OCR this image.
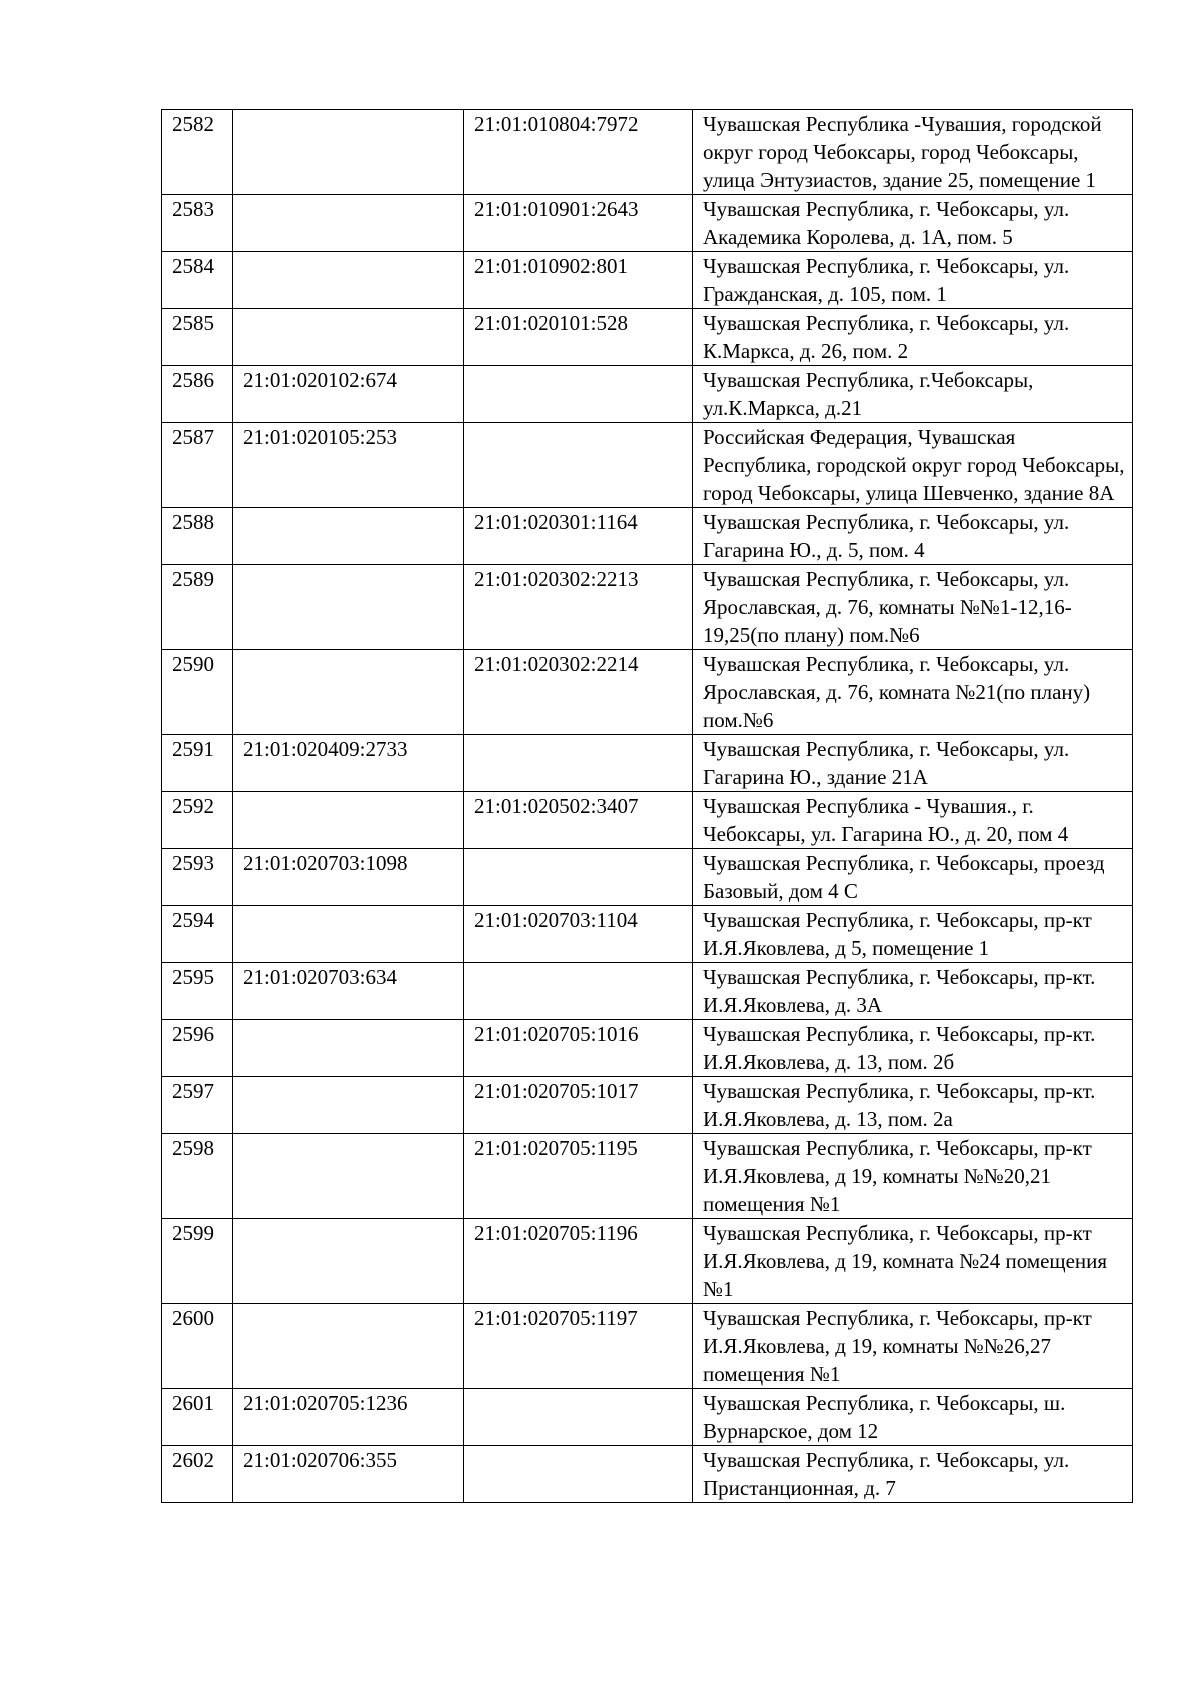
2582		21:01:010804:7972	Чувашская Республика -Чувашия, городской округ город Чебоксары, город Чебоксары, улица Энтузиастов, здание 25, помещение 1
2583		21:01:010901:2643	Чувашская Республика, г. Чебоксары, ул. Академика Королева, д. 1А, пом. 5
2584		21:01:010902:801	Чувашская Республика, г. Чебоксары, ул. Гражданская, д. 105, пом. 1
2585		21:01:020101:528	Чувашская Республика, г. Чебоксары, ул. К.Маркса, д. 26, пом. 2
2586	21:01:020102:674		Чувашская Республика, г.Чебоксары, ул.К.Маркса, д.21
2587	21:01:020105:253		Российская Федерация, Чувашская Республика, городской округ город Чебоксары, город Чебоксары, улица Шевченко, здание 8А
2588		21:01:020301:1164	Чувашская Республика, г. Чебоксары, ул. Гагарина Ю., д. 5, пом. 4
2589		21:01:020302:2213	Чувашская Республика, г. Чебоксары, ул. Ярославская, д. 76, комнаты №№1-12,16-19,25(по плану) пом.№6
2590		21:01:020302:2214	Чувашская Республика, г. Чебоксары, ул. Ярославская, д. 76, комната №21(по плану) пом.№6
2591	21:01:020409:2733		Чувашская Республика, г. Чебоксары, ул. Гагарина Ю., здание 21А
2592		21:01:020502:3407	Чувашская Республика - Чувашия., г. Чебоксары, ул. Гагарина Ю., д. 20, пом 4
2593	21:01:020703:1098		Чувашская Республика, г. Чебоксары, проезд Базовый, дом 4 С
2594		21:01:020703:1104	Чувашская Республика, г. Чебоксары, пр-кт И.Я.Яковлева, д 5, помещение 1
2595	21:01:020703:634		Чувашская Республика, г. Чебоксары, пр-кт. И.Я.Яковлева, д. 3А
2596		21:01:020705:1016	Чувашская Республика, г. Чебоксары, пр-кт. И.Я.Яковлева, д. 13, пом. 2б
2597		21:01:020705:1017	Чувашская Республика, г. Чебоксары, пр-кт. И.Я.Яковлева, д. 13, пом. 2а
2598		21:01:020705:1195	Чувашская Республика, г. Чебоксары, пр-кт И.Я.Яковлева, д 19, комнаты №№20,21 помещения №1
2599		21:01:020705:1196	Чувашская Республика, г. Чебоксары, пр-кт И.Я.Яковлева, д 19, комната №24 помещения №1
2600		21:01:020705:1197	Чувашская Республика, г. Чебоксары, пр-кт И.Я.Яковлева, д 19, комнаты №№26,27 помещения №1
2601	21:01:020705:1236		Чувашская Республика, г. Чебоксары, ш. Вурнарское, дом 12
2602	21:01:020706:355		Чувашская Республика, г. Чебоксары, ул. Пристанционная, д. 7
